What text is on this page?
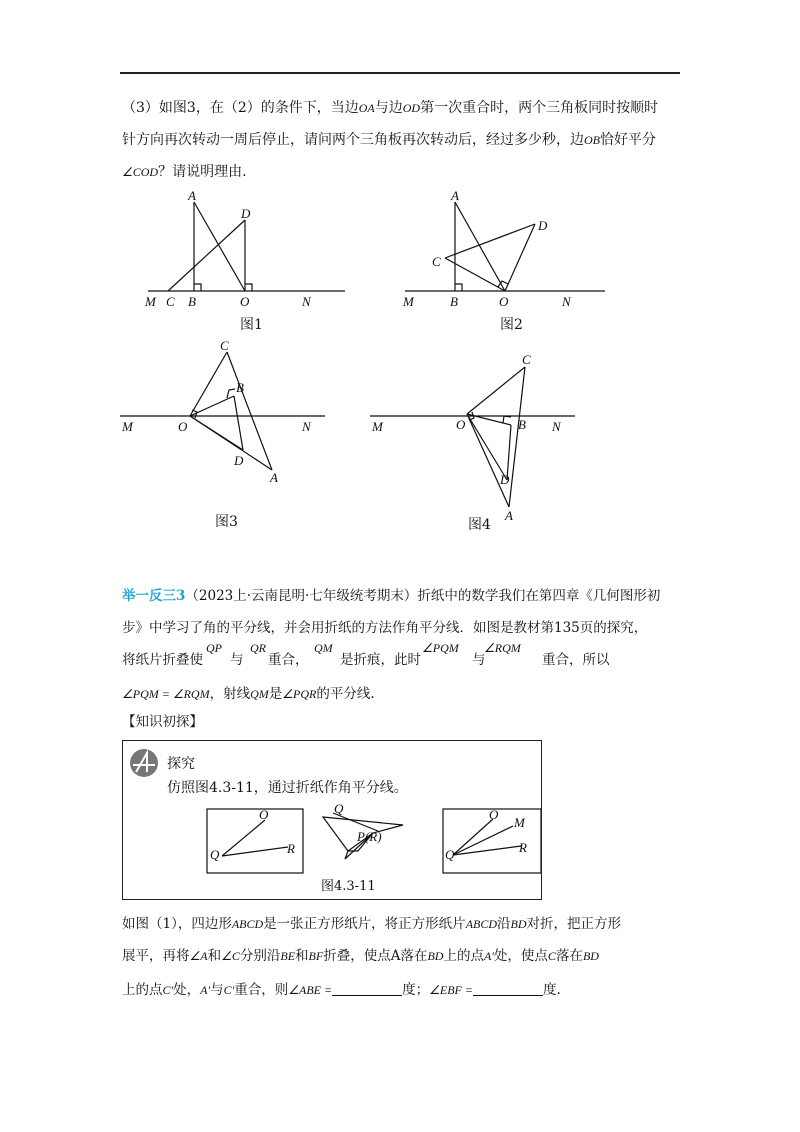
（3）如图3，在（2）的条件下，当边OA与边OD第一次重合时，两个三角板同时按顺时
针方向再次转动一周后停止，请问两个三角板再次转动后，经过多少秒，边OB恰好平分
∠COD？请说明理由.
A
D
M C B	O	N
A
D
C
M	B	O	N
C
B
M	O	N
D
A
C
M	O	B N
D
A
图1	图2
图3	图4
举一反三3（2023上·云南昆明·七年级统考期末）折纸中的数学我们在第四章《几何图形初
步》中学习了角的平分线，并会用折纸的方法作角平分线．如图是教材第135页的探究，
将纸片折叠使
QP
与
QR
重合，
QM
是折痕，此时
∠PQM
与
∠RQM
重合，所以
∠PQM = ∠RQM，射线QM是∠PQR的平分线.
【知识初探】
O
Q	R
Q
P(R)
O
M
Q	R
探究
仿照图4.3-11，通过折纸作角平分线。
图4.3-11
如图（1），四边形ABCD是一张正方形纸片，将正方形纸片ABCD沿BD对折，把正方形
展平，再将∠A和∠C分别沿BE和BF折叠，使点A落在BD上的点A′处，使点C落在BD
上的点C′处，A′与C′重合，则∠ABE =	度；∠EBF =	度.
